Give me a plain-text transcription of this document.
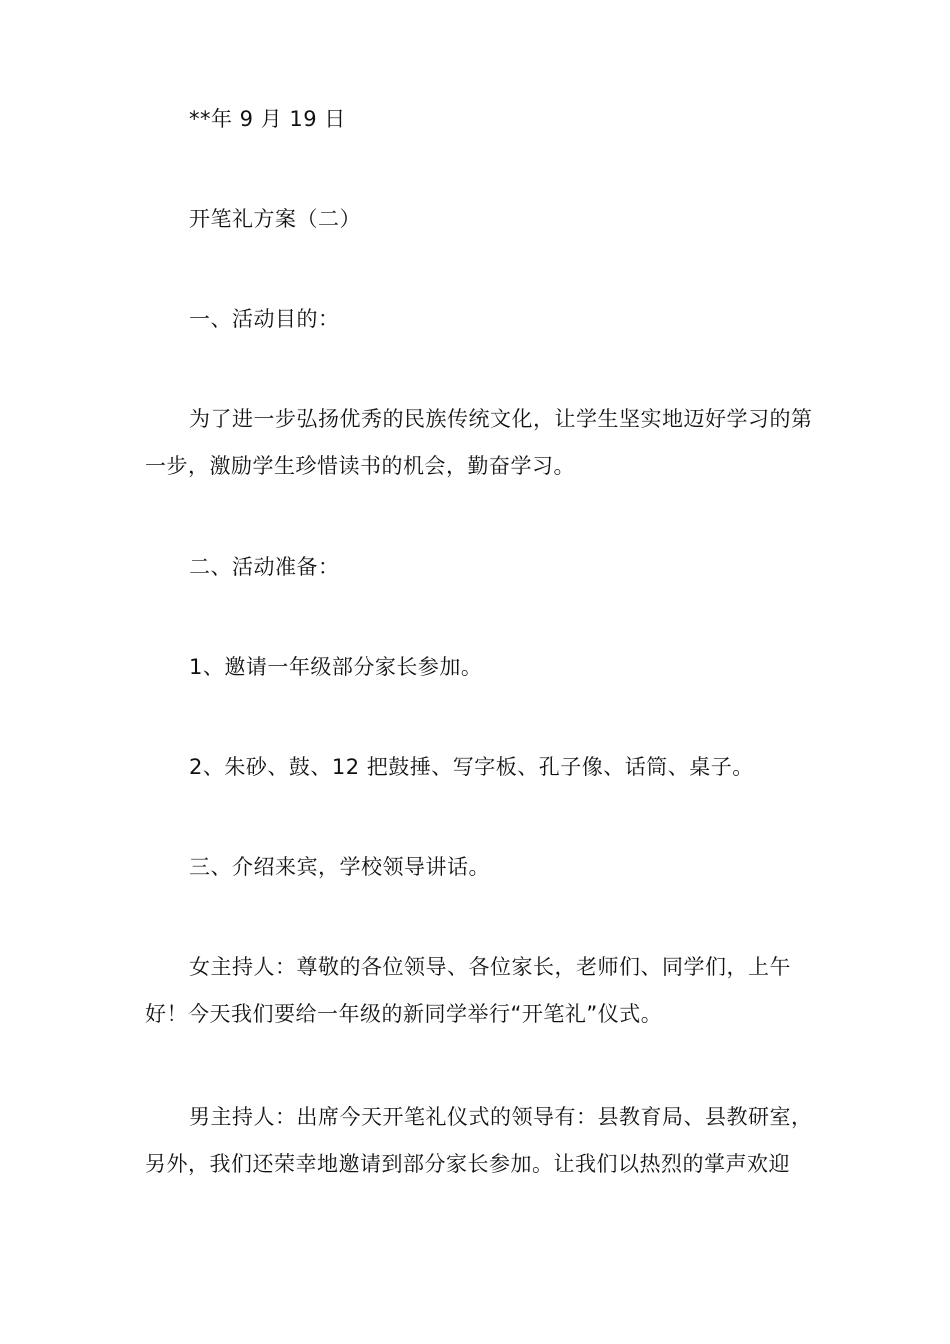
**年 9 月 19 日

开笔礼方案（二）

一、活动目的：

为了进一步弘扬优秀的民族传统文化，让学生坚实地迈好学习的第一步，激励学生珍惜读书的机会，勤奋学习。

二、活动准备：

1、邀请一年级部分家长参加。

2、朱砂、鼓、12 把鼓捶、写字板、孔子像、话筒、桌子。

三、介绍来宾，学校领导讲话。

女主持人：尊敬的各位领导、各位家长，老师们、同学们，上午好！今天我们要给一年级的新同学举行“开笔礼”仪式。

男主持人：出席今天开笔礼仪式的领导有：县教育局、县教研室，另外，我们还荣幸地邀请到部分家长参加。让我们以热烈的掌声欢迎
